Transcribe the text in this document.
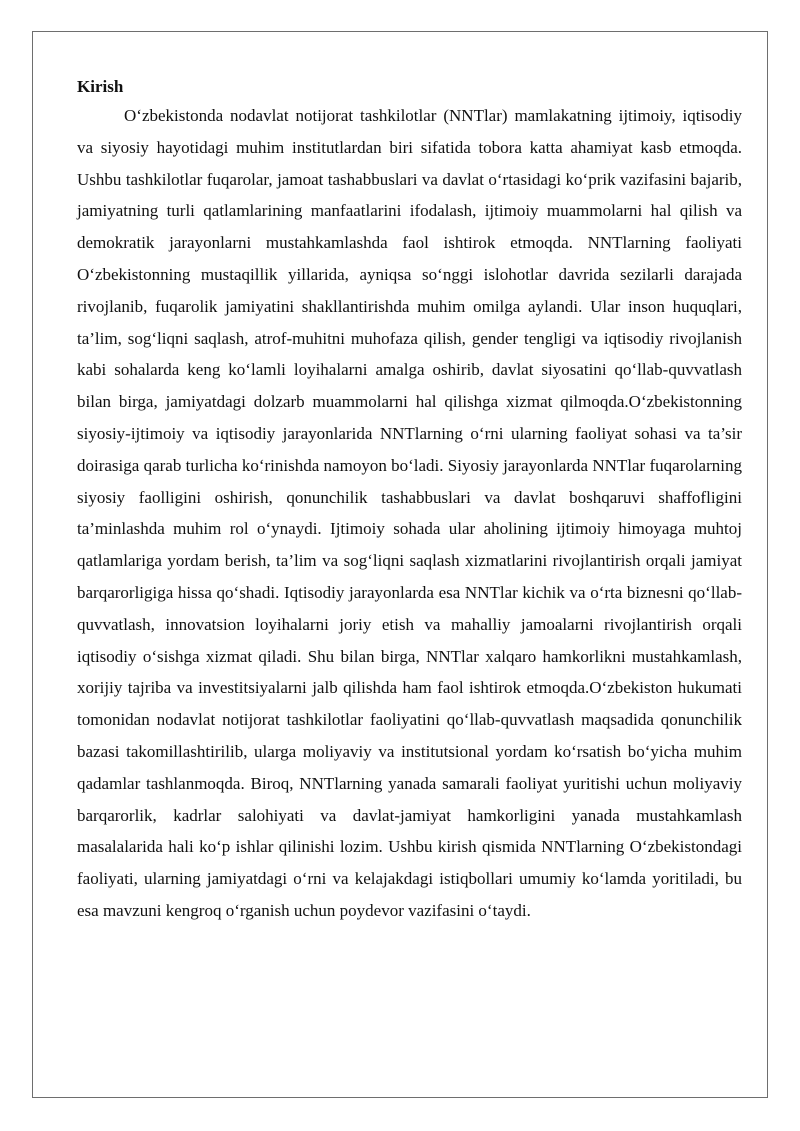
Kirish

O‘zbekistonda nodavlat notijorat tashkilotlar (NNTlar) mamlakatning ijtimoiy, iqtisodiy va siyosiy hayotidagi muhim institutlardan biri sifatida tobora katta ahamiyat kasb etmoqda. Ushbu tashkilotlar fuqarolar, jamoat tashabbuslari va davlat o‘rtasidagi ko‘prik vazifasini bajarib, jamiyatning turli qatlamlarining manfaatlarini ifodalash, ijtimoiy muammolarni hal qilish va demokratik jarayonlarni mustahkamlashda faol ishtirok etmoqda. NNTlarning faoliyati O‘zbekistonning mustaqillik yillarida, ayniqsa so‘nggi islohotlar davrida sezilarli darajada rivojlanib, fuqarolik jamiyatini shakllantirishda muhim omilga aylandi. Ular inson huquqlari, ta’lim, sog‘liqni saqlash, atrof-muhitni muhofaza qilish, gender tengligi va iqtisodiy rivojlanish kabi sohalarda keng ko‘lamli loyihalarni amalga oshirib, davlat siyosatini qo‘llab-quvvatlash bilan birga, jamiyatdagi dolzarb muammolarni hal qilishga xizmat qilmoqda.O‘zbekistonning siyosiy-ijtimoiy va iqtisodiy jarayonlarida NNTlarning o‘rni ularning faoliyat sohasi va ta’sir doirasiga qarab turlicha ko‘rinishda namoyon bo‘ladi. Siyosiy jarayonlarda NNTlar fuqarolarning siyosiy faolligini oshirish, qonunchilik tashabbuslari va davlat boshqaruvi shaffofligini ta’minlashda muhim rol o‘ynaydi. Ijtimoiy sohada ular aholining ijtimoiy himoyaga muhtoj qatlamlariga yordam berish, ta’lim va sog‘liqni saqlash xizmatlarini rivojlantirish orqali jamiyat barqarorligiga hissa qo‘shadi. Iqtisodiy jarayonlarda esa NNTlar kichik va o‘rta biznesni qo‘llab-quvvatlash, innovatsion loyihalarni joriy etish va mahalliy jamoalarni rivojlantirish orqali iqtisodiy o‘sishga xizmat qiladi. Shu bilan birga, NNTlar xalqaro hamkorlikni mustahkamlash, xorijiy tajriba va investitsiyalarni jalb qilishda ham faol ishtirok etmoqda.O‘zbekiston hukumati tomonidan nodavlat notijorat tashkilotlar faoliyatini qo‘llab-quvvatlash maqsadida qonunchilik bazasi takomillashtirilib, ularga moliyaviy va institutsional yordam ko‘rsatish bo‘yicha muhim qadamlar tashlanmoqda. Biroq, NNTlarning yanada samarali faoliyat yuritishi uchun moliyaviy barqarorlik, kadrlar salohiyati va davlat-jamiyat hamkorligini yanada mustahkamlash masalalarida hali ko‘p ishlar qilinishi lozim. Ushbu kirish qismida NNTlarning O‘zbekistondagi faoliyati, ularning jamiyatdagi o‘rni va kelajakdagi istiqbollari umumiy ko‘lamda yoritiladi, bu esa mavzuni kengroq o‘rganish uchun poydevor vazifasini o‘taydi.
